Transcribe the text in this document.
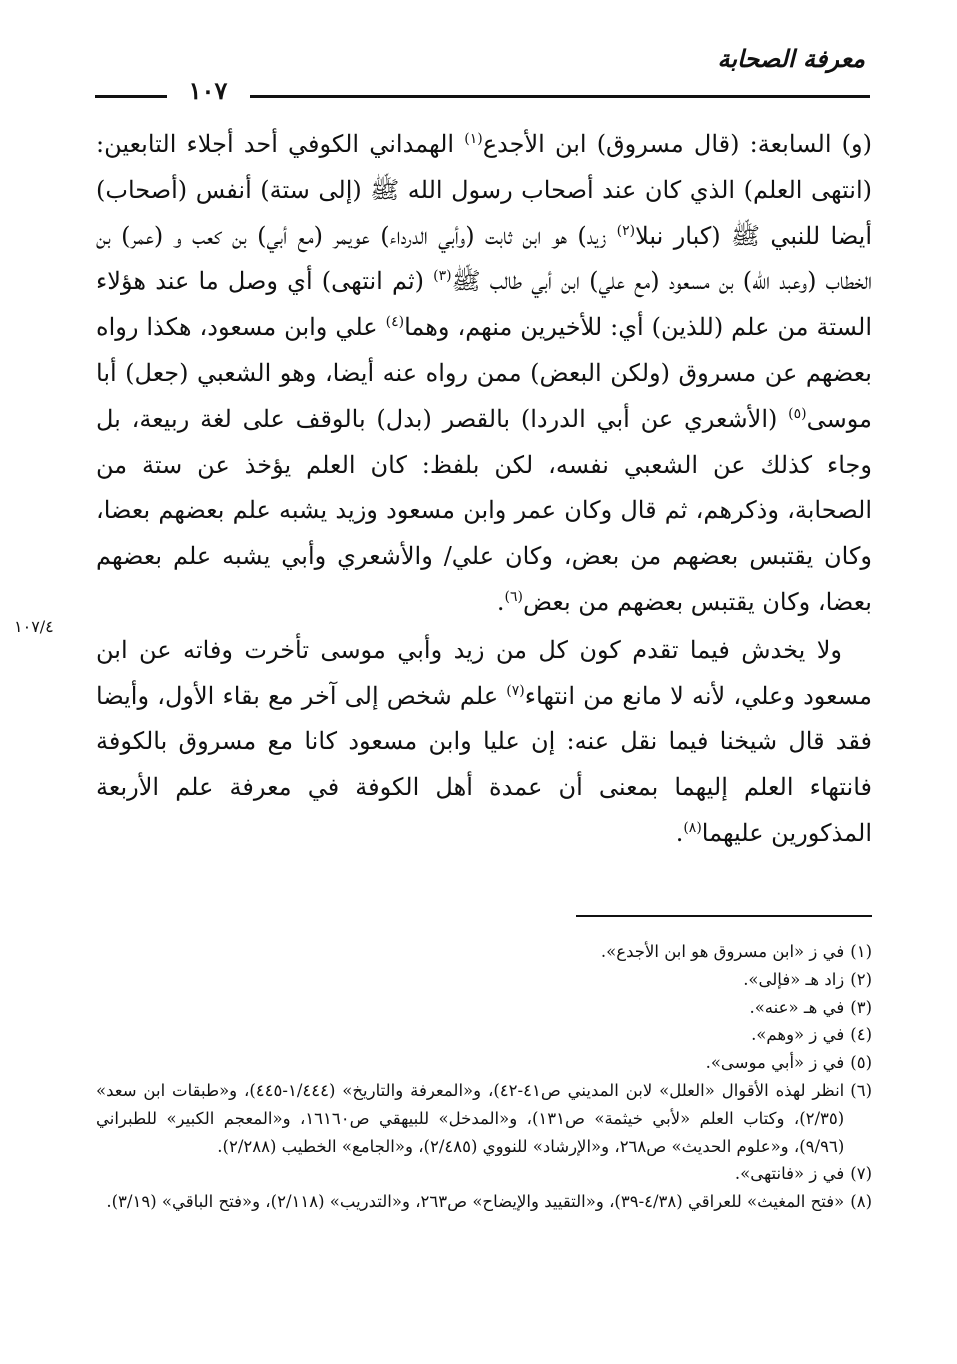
معرفة الصحابة
١٠٧

(و) السابعة: (قال مسروق) ابن الأجدع$^{(١)}$ الهمداني الكوفي أحد أجلاء التابعين: (انتهى العلم) الذي كان عند أصحاب رسول الله ﷺ (إلى ستة) أنفس (أصحاب) أيضا للنبي ﷺ (كبار نبلا$^{(٢)}$ زيد) هو ابن ثابت (وأبي الدرداء) عويمر (مع أبي) بن كعب و (عمر) بن الخطاب (وعبد اللّه) بن مسعود (مع علي) ابن أبي طالب ﷺ$^{(٣)}$ (ثم انتهى) أي وصل ما عند هؤلاء الستة من علم (للذين) أي: للأخيرين منهم، وهما$^{(٤)}$ علي وابن مسعود، هكذا رواه بعضهم عن مسروق (ولكن البعض) ممن رواه عنه أيضا، وهو الشعبي (جعل) أبا موسى$^{(٥)}$ (الأشعري عن أبي الدردا) بالقصر (بدل) بالوقف على لغة ربيعة، بل وجاء كذلك عن الشعبي نفسه، لكن بلفظ: كان العلم يؤخذ عن ستة من الصحابة، وذكرهم، ثم قال وكان عمر وابن مسعود وزيد يشبه علم بعضهم بعضا، وكان يقتبس بعضهم من بعض، وكان علي/ والأشعري وأبي يشبه علم بعضهم بعضا، وكان يقتبس بعضهم من بعض$^{(٦)}$.

ولا يخدش فيما تقدم كون كل من زيد وأبي موسى تأخرت وفاته عن ابن مسعود وعلي، لأنه لا مانع من انتهاء$^{(٧)}$ علم شخص إلى آخر مع بقاء الأول، وأيضا فقد قال شيخنا فيما نقل عنه: إن عليا وابن مسعود كانا مع مسروق بالكوفة فانتهاء العلم إليهما بمعنى أن عمدة أهل الكوفة في معرفة علم الأربعة المذكورين عليهما$^{(٨)}$.

١٠٧/٤
(١)
في ز «ابن مسروق هو ابن الأجدع».
(٢)
زاد هـ «فإلى».
(٣)
في هـ «عنه».
(٤)
في ز «وهم».
(٥)
في ز «أبي موسى».
(٦)
انظر لهذه الأقوال «العلل» لابن المديني ص٤١-٤٢)، و«المعرفة والتاريخ» (١/٤٤٤-٤٤٥)، و«طبقات ابن سعد» (٢/٣٥)، وكتاب العلم «لأبي خيثمة» ص١٣١)، و«المدخل» للبيهقي ص١٦١٦٠، و«المعجم الكبير» للطبراني (٩/٩٦)، و«علوم الحديث» ص٢٦٨، و«الإرشاد» للنووي (٢/٤٨٥)، و«الجامع» الخطيب (٢/٢٨٨).
(٧)
في ز «فانتهى».
(٨)
«فتح المغيث» للعراقي (٤/٣٨-٣٩)، و«التقييد والإيضاح» ص٢٦٣، و«التدريب» (٢/١١٨)، و«فتح الباقي» (٣/١٩).
